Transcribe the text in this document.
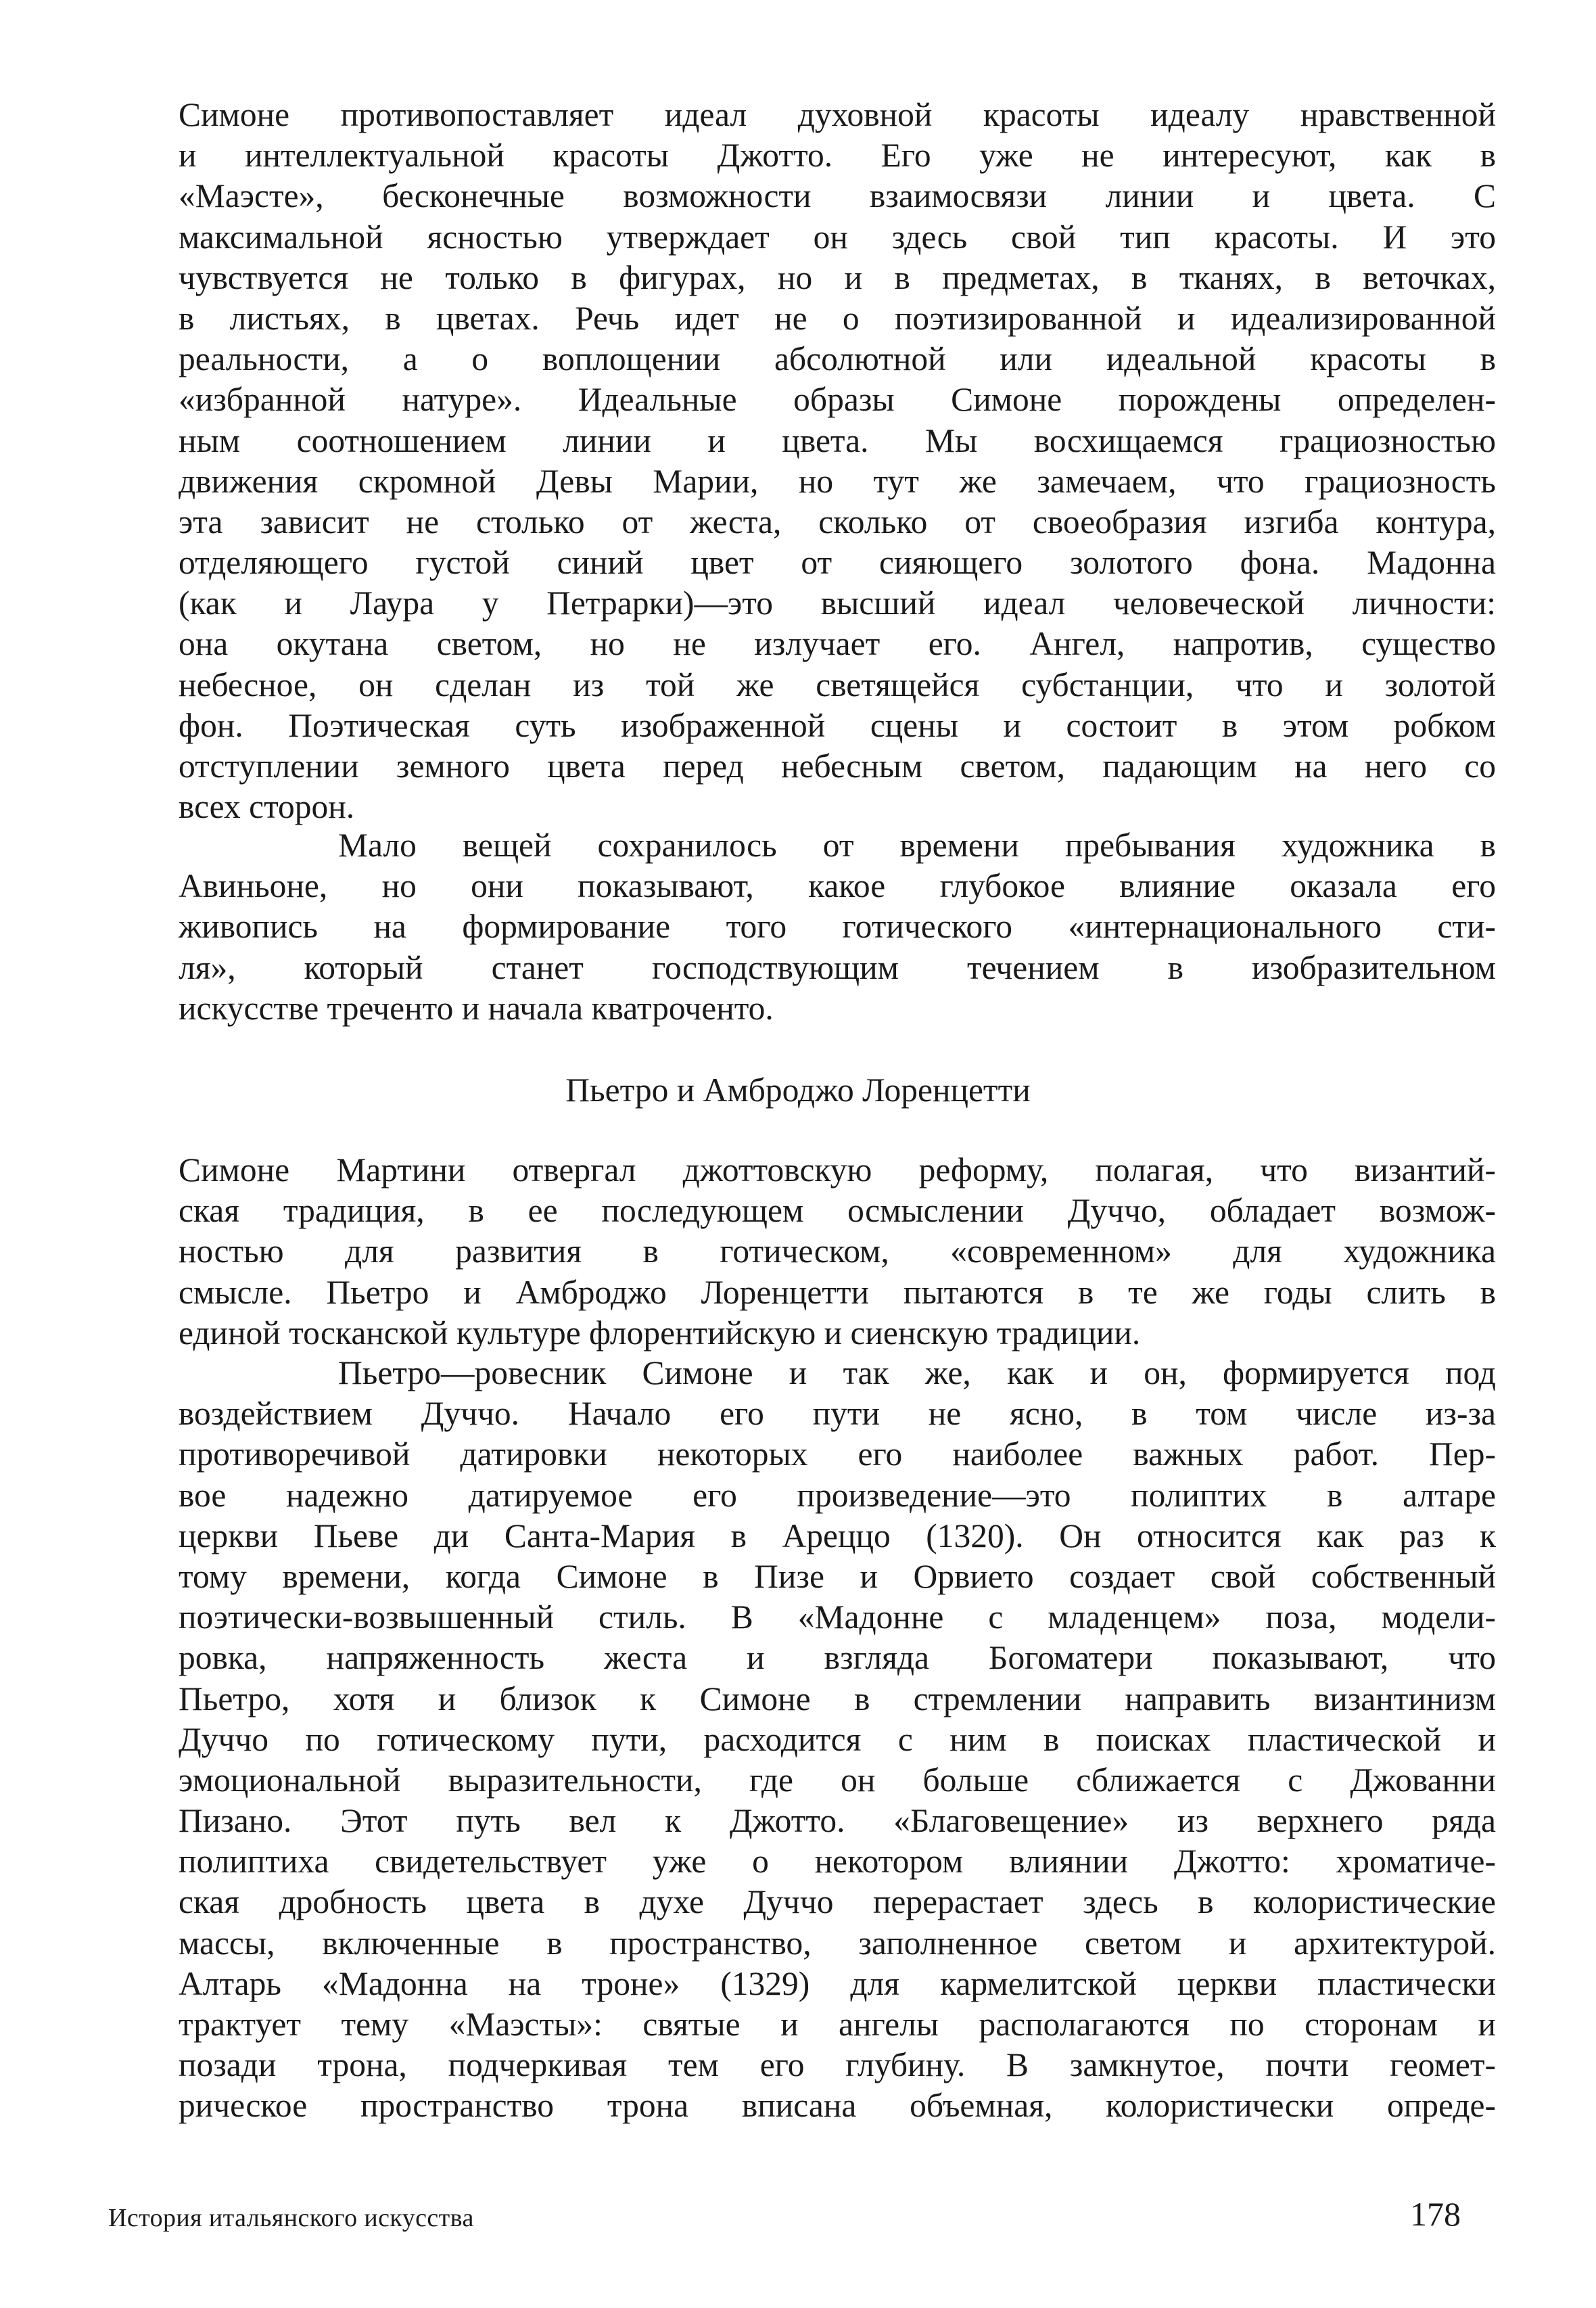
Симоне противопоставляет идеал духовной красоты идеалу нравственной
и интеллектуальной красоты Джотто. Его уже не интересуют, как в
«Маэсте», бесконечные возможности взаимосвязи линии и цвета. С
максимальной ясностью утверждает он здесь свой тип красоты. И это
чувствуется не только в фигурах, но и в предметах, в тканях, в веточках,
в листьях, в цветах. Речь идет не о поэтизированной и идеализированной
реальности, а о воплощении абсолютной или идеальной красоты в
«избранной натуре». Идеальные образы Симоне порождены определен-
ным соотношением линии и цвета. Мы восхищаемся грациозностью
движения скромной Девы Марии, но тут же замечаем, что грациозность
эта зависит не столько от жеста, сколько от своеобразия изгиба контура,
отделяющего густой синий цвет от сияющего золотого фона. Мадонна
(как и Лаура у Петрарки)—это высший идеал человеческой личности:
она окутана светом, но не излучает его. Ангел, напротив, существо
небесное, он сделан из той же светящейся субстанции, что и золотой
фон. Поэтическая суть изображенной сцены и состоит в этом робком
отступлении земного цвета перед небесным светом, падающим на него со
всех сторон.
Мало вещей сохранилось от времени пребывания художника в
Авиньоне, но они показывают, какое глубокое влияние оказала его
живопись на формирование того готического «интернационального сти-
ля», который станет господствующим течением в изобразительном
искусстве треченто и начала кватроченто.
Пьетро и Амброджо Лоренцетти
Симоне Мартини отвергал джоттовскую реформу, полагая, что византий-
ская традиция, в ее последующем осмыслении Дуччо, обладает возмож-
ностью для развития в готическом, «современном» для художника
смысле. Пьетро и Амброджо Лоренцетти пытаются в те же годы слить в
единой тосканской культуре флорентийскую и сиенскую традиции.
Пьетро—ровесник Симоне и так же, как и он, формируется под
воздействием Дуччо. Начало его пути не ясно, в том числе из-за
противоречивой датировки некоторых его наиболее важных работ. Пер-
вое надежно датируемое его произведение—это полиптих в алтаре
церкви Пьеве ди Санта-Мария в Ареццо (1320). Он относится как раз к
тому времени, когда Симоне в Пизе и Орвието создает свой собственный
поэтически-возвышенный стиль. В «Мадонне с младенцем» поза, модели-
ровка, напряженность жеста и взгляда Богоматери показывают, что
Пьетро, хотя и близок к Симоне в стремлении направить византинизм
Дуччо по готическому пути, расходится с ним в поисках пластической и
эмоциональной выразительности, где он больше сближается с Джованни
Пизано. Этот путь вел к Джотто. «Благовещение» из верхнего ряда
полиптиха свидетельствует уже о некотором влиянии Джотто: хроматиче-
ская дробность цвета в духе Дуччо перерастает здесь в колористические
массы, включенные в пространство, заполненное светом и архитектурой.
Алтарь «Мадонна на троне» (1329) для кармелитской церкви пластически
трактует тему «Маэсты»: святые и ангелы располагаются по сторонам и
позади трона, подчеркивая тем его глубину. В замкнутое, почти геомет-
рическое пространство трона вписана объемная, колористически опреде-
История итальянского искусства	178
